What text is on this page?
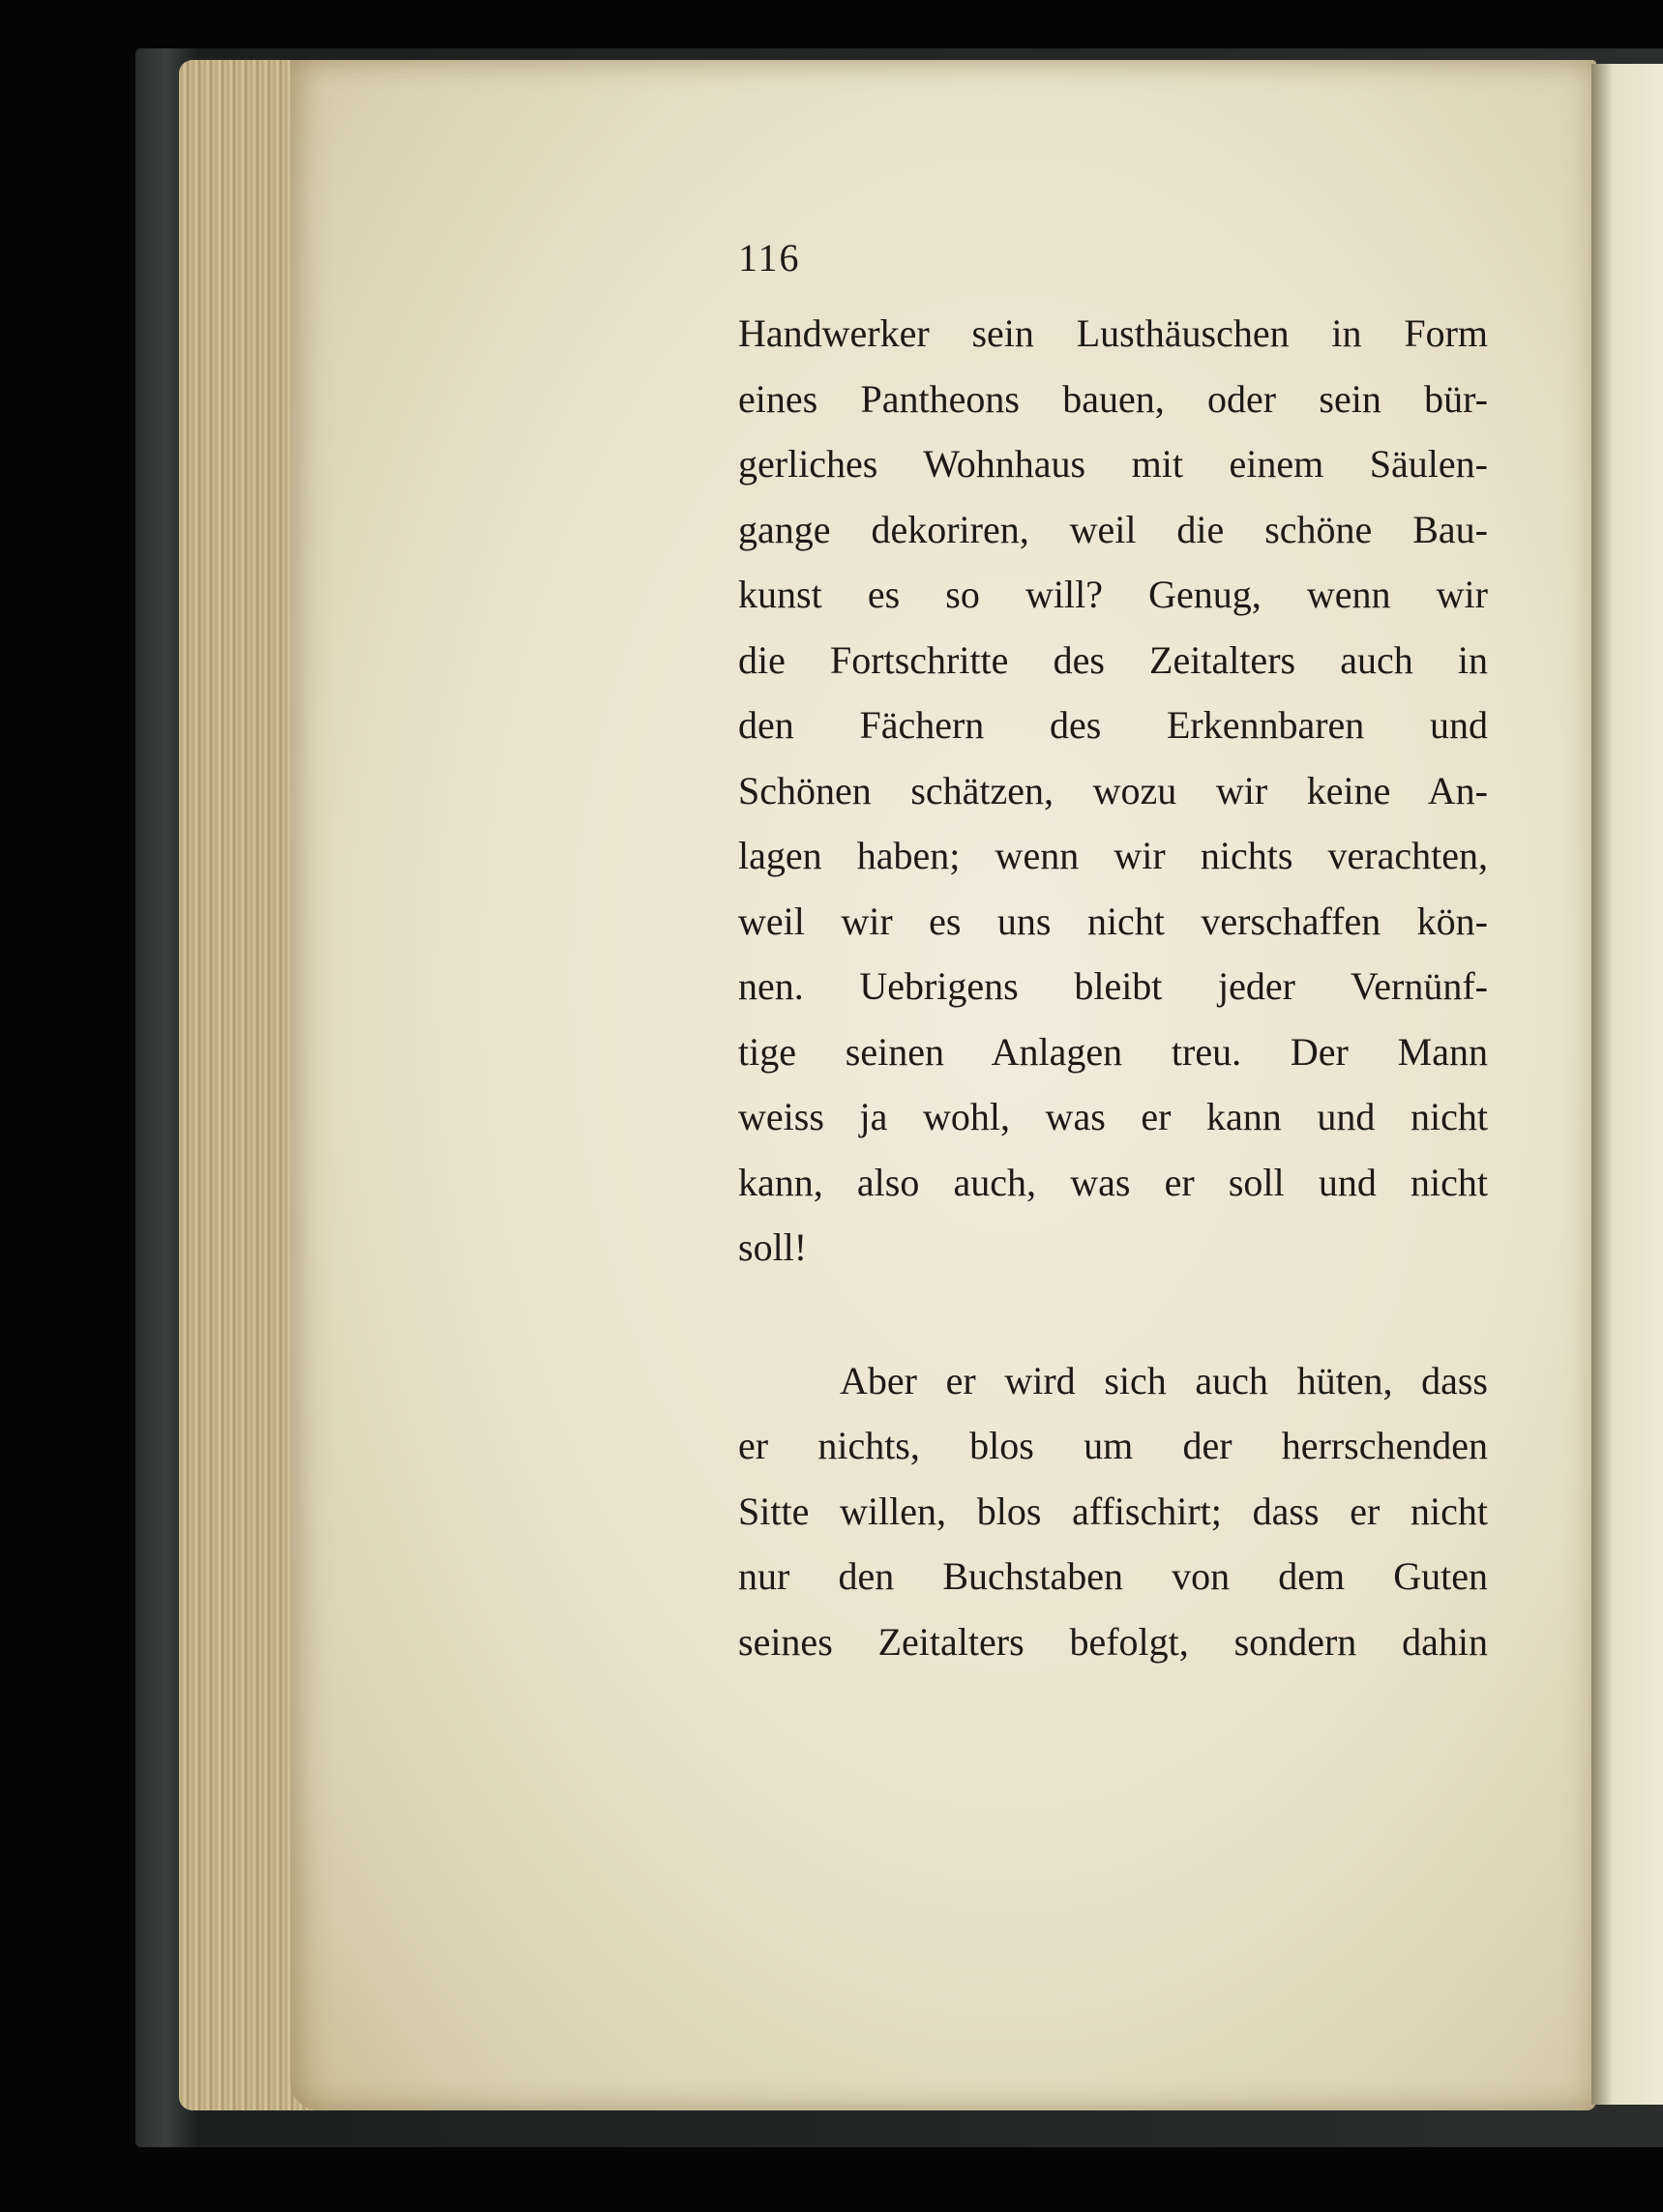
116
Handwerker sein Lusthäuschen in Form
eines Pantheons bauen, oder sein bür-
gerliches Wohnhaus mit einem Säulen-
gange dekoriren, weil die schöne Bau-
kunst es so will? Genug, wenn wir
die Fortschritte des Zeitalters auch in
den Fächern des Erkennbaren und
Schönen schätzen, wozu wir keine An-
lagen haben; wenn wir nichts verachten,
weil wir es uns nicht verschaffen kön-
nen. Uebrigens bleibt jeder Vernünf-
tige seinen Anlagen treu. Der Mann
weiss ja wohl, was er kann und nicht
kann, also auch, was er soll und nicht
soll!
Aber er wird sich auch hüten, dass
er nichts, blos um der herrschenden
Sitte willen, blos affischirt; dass er nicht
nur den Buchstaben von dem Guten
seines Zeitalters befolgt, sondern dahin
